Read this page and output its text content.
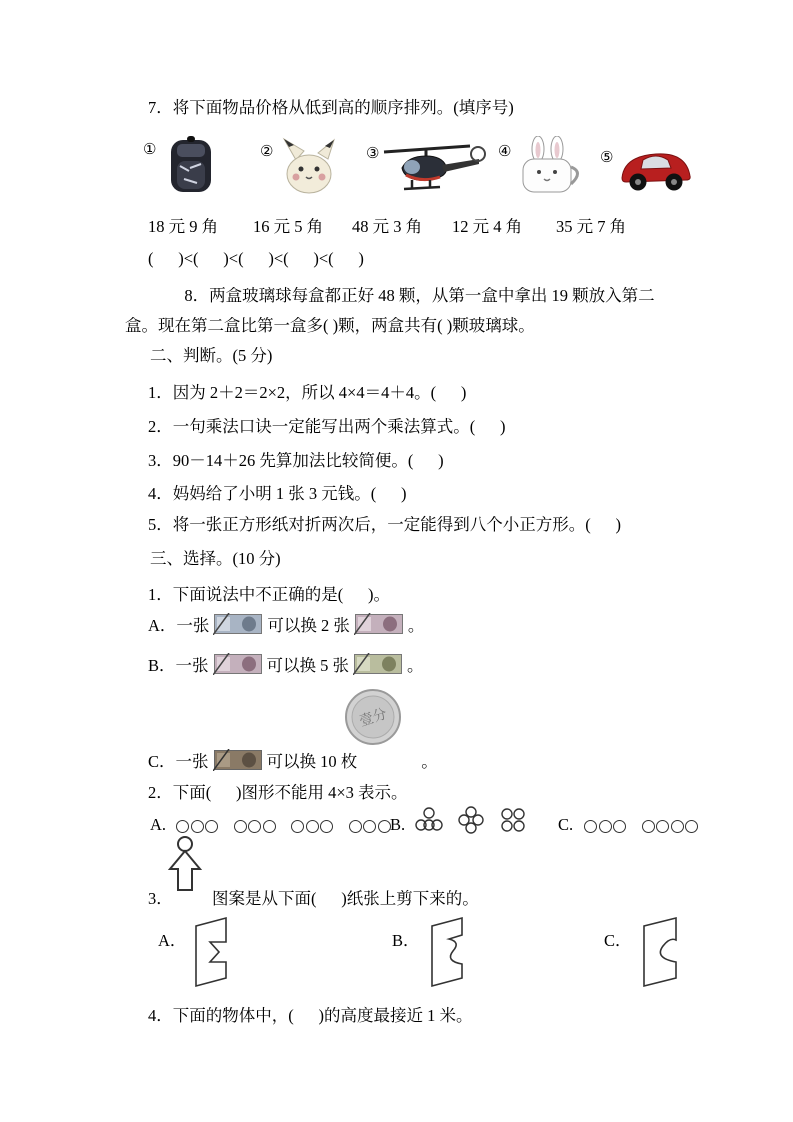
7．将下面物品价格从低到高的顺序排列。(填序号)
①	②	③	④	⑤
18 元 9 角 16 元 5 角 48 元 3 角 12 元 4 角 35 元 7 角
(      )<(      )<(      )<(      )<(      )
8．两盒玻璃球每盒都正好 48 颗，从第一盒中拿出 19 颗放入第二盒。现在第二盒比第一盒多( )颗，两盒共有( )颗玻璃球。
二、判断。(5 分)
1．因为 2＋2＝2×2，所以 4×4＝4＋4。(      )
2．一句乘法口诀一定能写出两个乘法算式。(      )
3．90－14＋26 先算加法比较简便。(      )
4．妈妈给了小明 1 张 3 元钱。(      )
5．将一张正方形纸对折两次后，一定能得到八个小正方形。(      )
三、选择。(10 分)
1．下面说法中不正确的是(      )。
A．一张	可以换 2 张	。
B．一张	可以换 5 张	。
壹分
C．一张	可以换 10 枚	。
2．下面(      )图形不能用 4×3 表示。
A.	B.	C.
3． 图案是从下面(      )纸张上剪下来的。
A．	B．	C．
4．下面的物体中，(      )的高度最接近 1 米。
